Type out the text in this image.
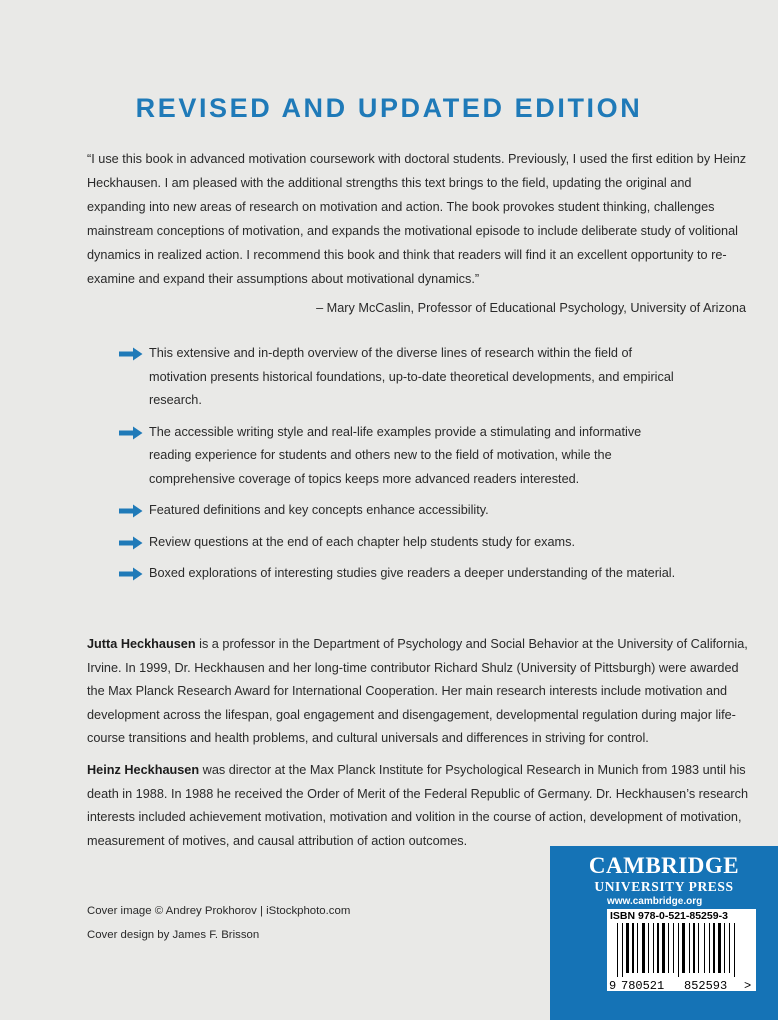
REVISED AND UPDATED EDITION

“I use this book in advanced motivation coursework with doctoral students. Previously, I used the first edition by Heinz Heckhausen. I am pleased with the additional strengths this text brings to the field, updating the original and expanding into new areas of research on motivation and action. The book provokes student thinking, challenges mainstream conceptions of motivation, and expands the motivational episode to include deliberate study of volitional dynamics in realized action. I recommend this book and think that readers will find it an excellent opportunity to re-examine and expand their assumptions about motivational dynamics.”

– Mary McCaslin, Professor of Educational Psychology, University of Arizona
This extensive and in-depth overview of the diverse lines of research within the field of motivation presents historical foundations, up-to-date theoretical developments, and empirical research.
The accessible writing style and real-life examples provide a stimulating and informative reading experience for students and others new to the field of motivation, while the comprehensive coverage of topics keeps more advanced readers interested.
Featured definitions and key concepts enhance accessibility.
Review questions at the end of each chapter help students study for exams.
Boxed explorations of interesting studies give readers a deeper understanding of the material.

Jutta Heckhausen is a professor in the Department of Psychology and Social Behavior at the University of California, Irvine. In 1999, Dr. Heckhausen and her long-time contributor Richard Shulz (University of Pittsburgh) were awarded the Max Planck Research Award for International Cooperation. Her main research interests include motivation and development across the lifespan, goal engagement and disengagement, developmental regulation during major life-course transitions and health problems, and cultural universals and differences in striving for control.

Heinz Heckhausen was director at the Max Planck Institute for Psychological Research in Munich from 1983 until his death in 1988. In 1988 he received the Order of Merit of the Federal Republic of Germany. Dr. Heckhausen’s research interests included achievement motivation, motivation and volition in the course of action, development of motivation, measurement of motives, and causal attribution of action outcomes.

Cover image © Andrey Prokhorov | iStockphoto.com
Cover design by James F. Brisson
CAMBRIDGE
UNIVERSITY PRESS
www.cambridge.org
ISBN 978-0-521-85259-3
9 780521 852593 >
